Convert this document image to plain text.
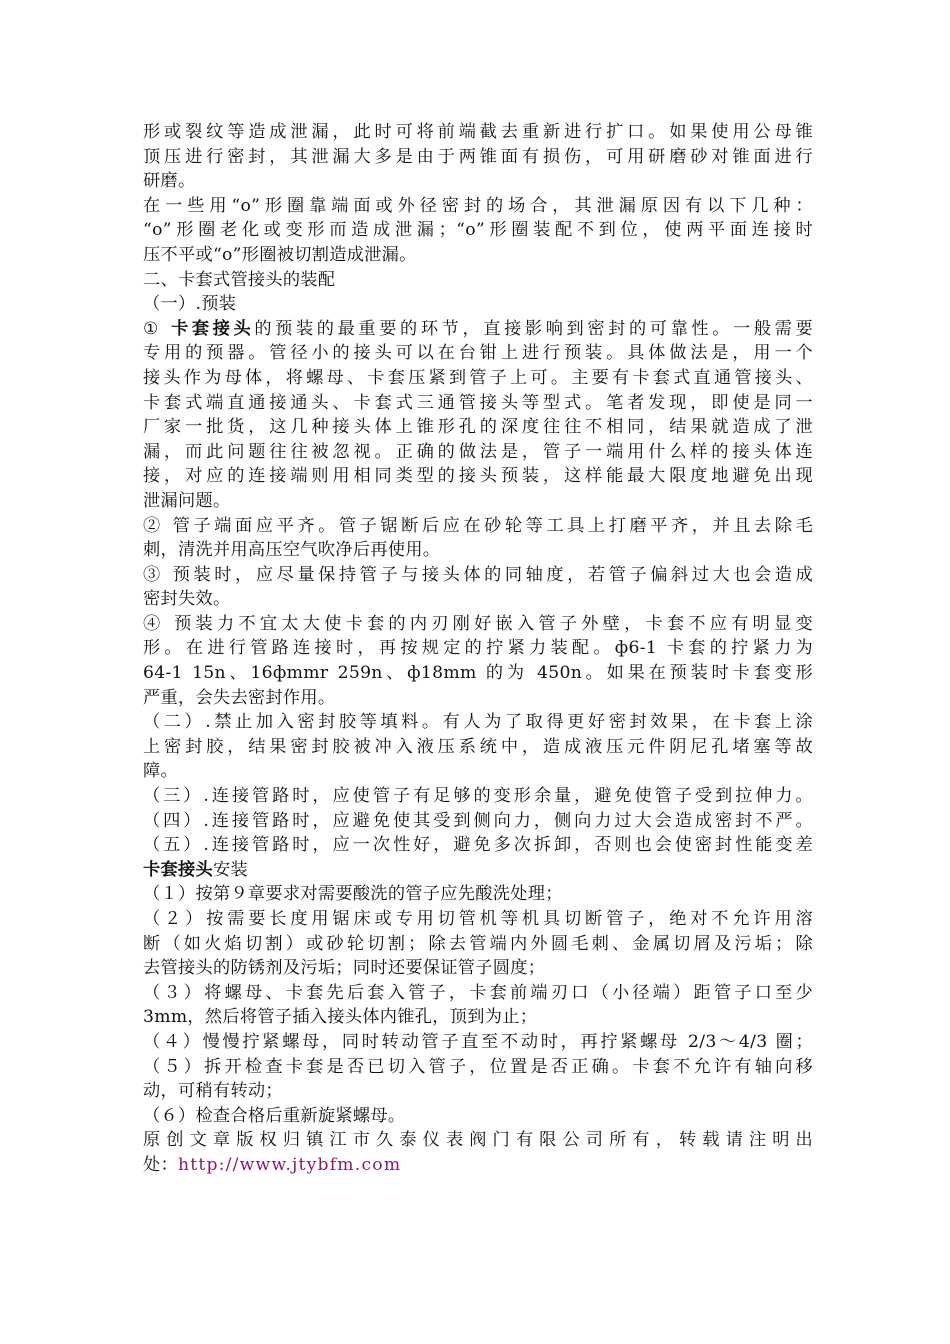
形或裂纹等造成泄漏，此时可将前端截去重新进行扩口。如果使用公母锥
顶压进行密封，其泄漏大多是由于两锥面有损伤，可用研磨砂对锥面进行
研磨。
在一些用“o”形圈靠端面或外径密封的场合，其泄漏原因有以下几种：
“o”形圈老化或变形而造成泄漏；“o”形圈装配不到位，使两平面连接时
压不平或“o”形圈被切割造成泄漏。
二、卡套式管接头的装配
（一）.预装
① 卡套接头的预装的最重要的环节，直接影响到密封的可靠性。一般需要
专用的预器。管径小的接头可以在台钳上进行预装。具体做法是，用一个
接头作为母体，将螺母、卡套压紧到管子上可。主要有卡套式直通管接头、
卡套式端直通接通头、卡套式三通管接头等型式。笔者发现，即使是同一
厂家一批货，这几种接头体上锥形孔的深度往往不相同，结果就造成了泄
漏，而此问题往往被忽视。正确的做法是，管子一端用什么样的接头体连
接，对应的连接端则用相同类型的接头预装，这样能最大限度地避免出现
泄漏问题。
② 管子端面应平齐。管子锯断后应在砂轮等工具上打磨平齐，并且去除毛
刺，清洗并用高压空气吹净后再使用。
③ 预装时，应尽量保持管子与接头体的同轴度，若管子偏斜过大也会造成
密封失效。
④ 预装力不宜太大使卡套的内刃刚好嵌入管子外壁，卡套不应有明显变
形。在进行管路连接时，再按规定的拧紧力装配。ф6-1 卡套的拧紧力为
64-1 15n、16фmmr 259n、ф18mm 的为 450n。如果在预装时卡套变形
严重，会失去密封作用。
（二）.禁止加入密封胶等填料。有人为了取得更好密封效果，在卡套上涂
上密封胶，结果密封胶被冲入液压系统中，造成液压元件阴尼孔堵塞等故
障。
（三）.连接管路时，应使管子有足够的变形余量，避免使管子受到拉伸力。
（四）.连接管路时，应避免使其受到侧向力，侧向力过大会造成密封不严。
（五）.连接管路时，应一次性好，避免多次拆卸，否则也会使密封性能变差
卡套接头安装
（１）按第９章要求对需要酸洗的管子应先酸洗处理；
（２）按需要长度用锯床或专用切管机等机具切断管子，绝对不允许用溶
断（如火焰切割）或砂轮切割；除去管端内外圆毛刺、金属切屑及污垢；除
去管接头的防锈剂及污垢；同时还要保证管子圆度；
（３）将螺母、卡套先后套入管子，卡套前端刃口（小径端）距管子口至少
3mm，然后将管子插入接头体内锥孔，顶到为止；
（４）慢慢拧紧螺母，同时转动管子直至不动时，再拧紧螺母 2/3～4/3 圈；
（５）拆开检查卡套是否已切入管子，位置是否正确。卡套不允许有轴向移
动，可稍有转动；
（６）检查合格后重新旋紧螺母。
原创文章版权归镇江市久泰仪表阀门有限公司所有，转载请注明出
处：http://www.jtybfm.com
